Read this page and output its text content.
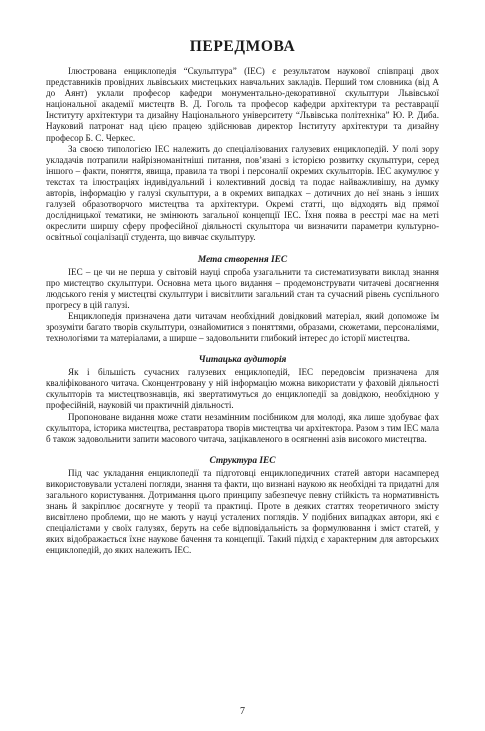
ПЕРЕДМОВА

Ілюстрована енциклопедія “Скульптура” (ІЕС) є результатом наукової співпраці двох представників провідних львівських мистецьких навчальних закладів. Перший том словника (від А до Аянт) уклали професор кафедри монументально-декоративної скульптури Львівської національної академії мистецтв В. Д. Гоголь та професор кафедри архітектури та реставрації Інституту архітектури та дизайну Національного університету “Львівська політехніка” Ю. Р. Диба. Науковий патронат над цією працею здійснював директор Інституту архітектури та дизайну професор Б. С. Черкес.

За своєю типологією ІЕС належить до спеціалізованих галузевих енциклопедій. У полі зору укладачів потрапили найрізноманітніші питання, пов’язані з історією розвитку скульптури, серед іншого – факти, поняття, явища, правила та творі і персоналії окремих скульпторів. ІЕС акумулює у текстах та ілюстраціях індивідуальний і колективний досвід та подає найважливішу, на думку авторів, інформацію у галузі скульптури, а в окремих випадках – дотичних до неї знань з інших галузей образотворчого мистецтва та архітектури. Окремі статті, що відходять від прямої дослідницької тематики, не змінюють загальної концепції ІЕС. Їхня поява в реєстрі має на меті окреслити ширшу сферу професійної діяльності скульптора чи визначити параметри культурно-освітньої соціалізації студента, що вивчає скульптуру.

Мета створення ІЕС

ІЕС – це чи не перша у світовій науці спроба узагальнити та систематизувати виклад знання про мистецтво скульптури. Основна мета цього видання – продемонструвати читачеві досягнення людського генія у мистецтві скульптури і висвітлити загальний стан та сучасний рівень суспільного прогресу в цій галузі.

Енциклопедія призначена дати читачам необхідний довідковий матеріал, який допоможе їм зрозуміти багато творів скульптури, ознайомитися з поняттями, образами, сюжетами, персоналіями, технологіями та матеріалами, а ширше – задовольнити глибокий інтерес до історії мистецтва.

Читацька аудиторія

Як і більшість сучасних галузевих енциклопедій, ІЕС передовсім призначена для кваліфікованого читача. Сконцентровану у ній інформацію можна використати у фаховій діяльності скульпторів та мистецтвознавців, які звертатимуться до енциклопедії за довідкою, необхідною у професійній, науковій чи практичній діяльності.

Пропоноване видання може стати незамінним посібником для молоді, яка лише здобуває фах скульптора, історика мистецтва, реставратора творів мистецтва чи архітектора. Разом з тим ІЕС мала б також задовольнити запити масового читача, зацікавленого в осягненні азів високого мистецтва.

Структура ІЕС

Під час укладання енциклопедії та підготовці енциклопедичних статей автори насамперед використовували усталені погляди, знання та факти, що визнані наукою як необхідні та придатні для загального користування. Дотримання цього принципу забезпечує певну стійкість та нормативність знань й закріплює досягнуте у теорії та практиці. Проте в деяких статтях теоретичного змісту висвітлено проблеми, що не мають у науці усталених поглядів. У подібних випадках автори, які є спеціалістами у своїх галузях, беруть на себе відповідальність за формулювання і зміст статей, у яких відображається їхнє наукове бачення та концепції. Такий підхід є характерним для авторських енциклопедій, до яких належить ІЕС.

7
